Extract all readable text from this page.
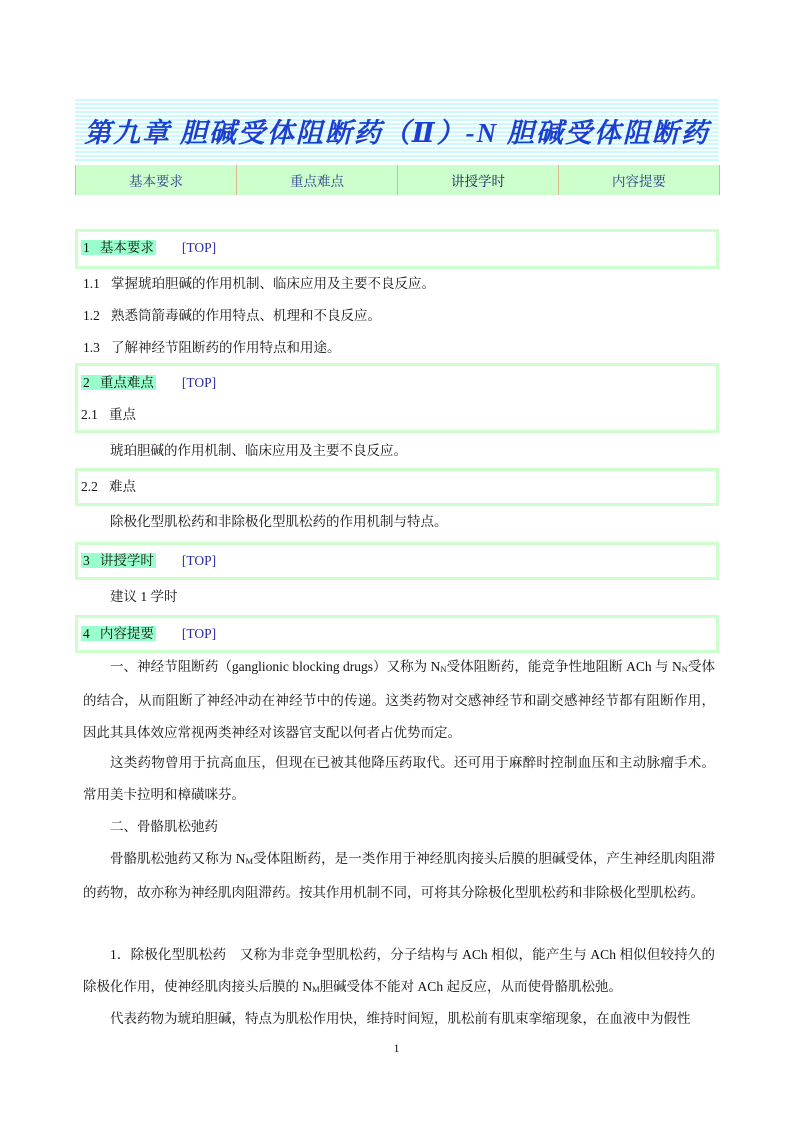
第九章 胆碱受体阻断药（Ⅱ）-N 胆碱受体阻断药
基本要求	重点难点	讲授学时	内容提要
1 基本要求 [TOP]
1.1 掌握琥珀胆碱的作用机制、临床应用及主要不良反应。
1.2 熟悉筒箭毒碱的作用特点、机理和不良反应。
1.3 了解神经节阻断药的作用特点和用途。
2 重点难点 [TOP]
2.1 重点
琥珀胆碱的作用机制、临床应用及主要不良反应。
2.2 难点
除极化型肌松药和非除极化型肌松药的作用机制与特点。
3 讲授学时 [TOP]
建议 1 学时
4 内容提要 [TOP]
一、神经节阻断药（ganglionic blocking drugs）又称为 $N_N$受体阻断药，能竞争性地阻断 ACh 与 $N_N$受体的结合，从而阻断了神经冲动在神经节中的传递。这类药物对交感神经节和副交感神经节都有阻断作用，因此其具体效应常视两类神经对该器官支配以何者占优势而定。
这类药物曾用于抗高血压，但现在已被其他降压药取代。还可用于麻醉时控制血压和主动脉瘤手术。常用美卡拉明和樟磺咪芬。
二、骨骼肌松弛药
骨骼肌松弛药又称为 $N_M$受体阻断药，是一类作用于神经肌肉接头后膜的胆碱受体，产生神经肌肉阻滞的药物，故亦称为神经肌肉阻滞药。按其作用机制不同，可将其分除极化型肌松药和非除极化型肌松药。
1．除极化型肌松药　又称为非竞争型肌松药，分子结构与 ACh 相似，能产生与 ACh 相似但较持久的除极化作用，使神经肌肉接头后膜的 $N_M$胆碱受体不能对 ACh 起反应，从而使骨骼肌松弛。
代表药物为琥珀胆碱，特点为肌松作用快，维持时间短，肌松前有肌束挛缩现象，在血液中为假性
1
